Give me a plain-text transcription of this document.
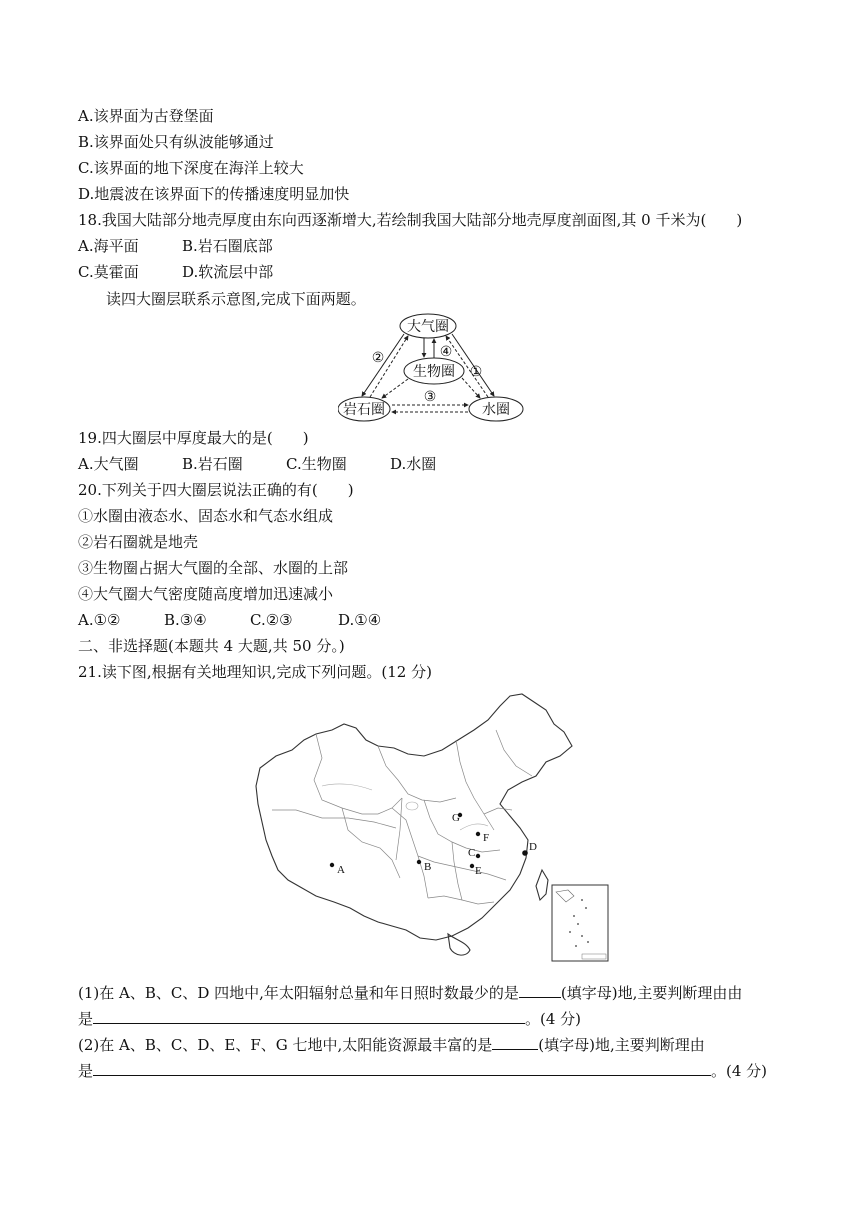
A.该界面为古登堡面
B.该界面处只有纵波能够通过
C.该界面的地下深度在海洋上较大
D.地震波在该界面下的传播速度明显加快
18.我国大陆部分地壳厚度由东向西逐渐增大,若绘制我国大陆部分地壳厚度剖面图,其 0 千米为(　　)
A.海平面	B.岩石圈底部
C.莫霍面	D.软流层中部
读四大圈层联系示意图,完成下面两题。
大气圈
生物圈
岩石圈	水圈
①
②
③
④
19.四大圈层中厚度最大的是(　　)
A.大气圈	B.岩石圈	C.生物圈	D.水圈
20.下列关于四大圈层说法正确的有(　　)
①水圈由液态水、固态水和气态水组成
②岩石圈就是地壳
③生物圈占据大气圈的全部、水圈的上部
④大气圈大气密度随高度增加迅速减小
A.①②	B.③④	C.②③	D.①④
二、非选择题(本题共 4 大题,共 50 分。)
21.读下图,根据有关地理知识,完成下列问题。(12 分)
A	B
C	D
E
F
G
(1)在 A、B、C、D 四地中,年太阳辐射总量和年日照时数最少的是	(填字母)地,主要判断理由由
是	。(4 分)
(2)在 A、B、C、D、E、F、G 七地中,太阳能资源最丰富的是	(填字母)地,主要判断理由
是	。(4 分)
